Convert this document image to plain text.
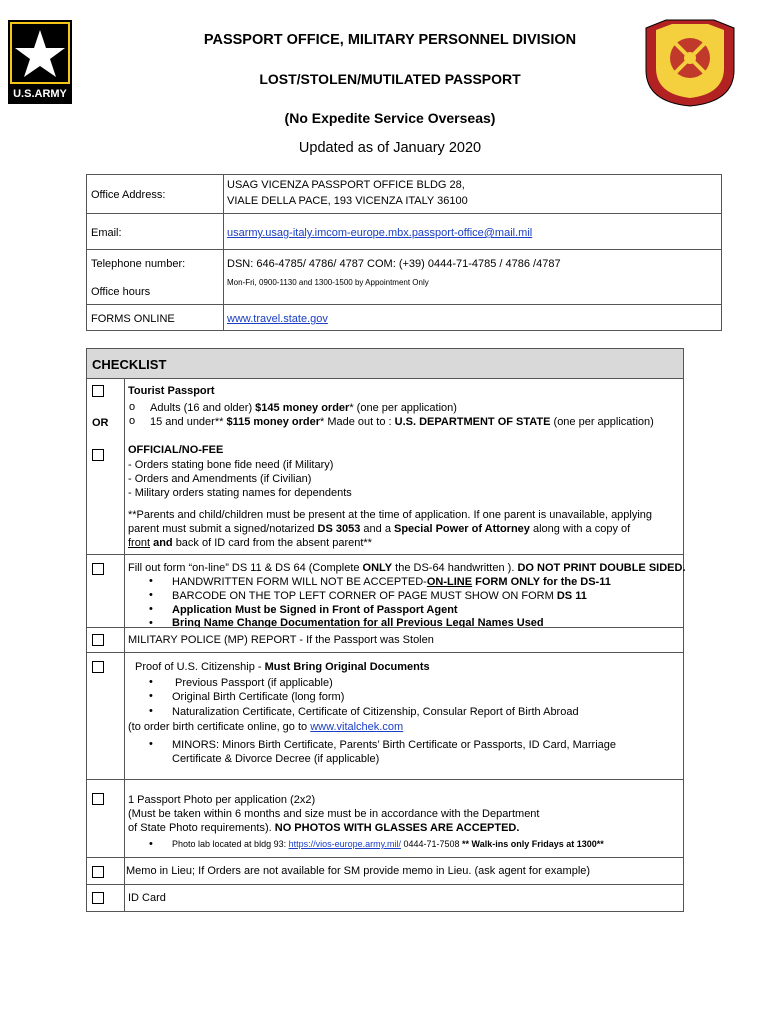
U.S.ARMY
PASSPORT OFFICE, MILITARY PERSONNEL DIVISION
LOST/STOLEN/MUTILATED PASSPORT
(No Expedite Service Overseas)
Updated as of January 2020
Office Address:
USAG VICENZA PASSPORT OFFICE BLDG 28,
VIALE DELLA PACE, 193 VICENZA ITALY 36100
Email:	usarmy.usag-italy.imcom-europe.mbx.passport-office@mail.mil
Telephone number:	DSN: 646-4785/ 4786/ 4787 COM: (+39) 0444-71-4785 / 4786 /4787
Office hours
Mon-Fri, 0900-1130 and 1300-1500 by Appointment Only
FORMS ONLINE	www.travel.state.gov
CHECKLIST
OR
Tourist Passport
o Adults (16 and older) $145 money order* (one per application)
o 15 and under** $115 money order* Made out to : U.S. DEPARTMENT OF STATE (one per application)
OFFICIAL/NO-FEE
- Orders stating bone fide need (if Military)
- Orders and Amendments (if Civilian)
- Military orders stating names for dependents
**Parents and child/children must be present at the time of application. If one parent is unavailable, applying
parent must submit a signed/notarized DS 3053 and a Special Power of Attorney along with a copy of
front and back of ID card from the absent parent**
Fill out form “on-line” DS 11 & DS 64 (Complete ONLY the DS-64 handwritten ). DO NOT PRINT DOUBLE SIDED.
• HANDWRITTEN FORM WILL NOT BE ACCEPTED-ON-LINE FORM ONLY for the DS-11
• BARCODE ON THE TOP LEFT CORNER OF PAGE MUST SHOW ON FORM DS 11
• Application Must be Signed in Front of Passport Agent
• Bring Name Change Documentation for all Previous Legal Names Used
MILITARY POLICE (MP) REPORT - If the Passport was Stolen
Proof of U.S. Citizenship - Must Bring Original Documents
• Previous Passport (if applicable)
• Original Birth Certificate (long form)
• Naturalization Certificate, Certificate of Citizenship, Consular Report of Birth Abroad
(to order birth certificate online, go to www.vitalchek.com
• MINORS: Minors Birth Certificate, Parents’ Birth Certificate or Passports, ID Card, Marriage
Certificate & Divorce Decree (if applicable)
1 Passport Photo per application (2x2)
(Must be taken within 6 months and size must be in accordance with the Department
of State Photo requirements). NO PHOTOS WITH GLASSES ARE ACCEPTED.
• Photo lab located at bldg 93: https://vios-europe.army.mil/ 0444-71-7508 ** Walk-ins only Fridays at 1300**
Memo in Lieu; If Orders are not available for SM provide memo in Lieu. (ask agent for example)
ID Card
